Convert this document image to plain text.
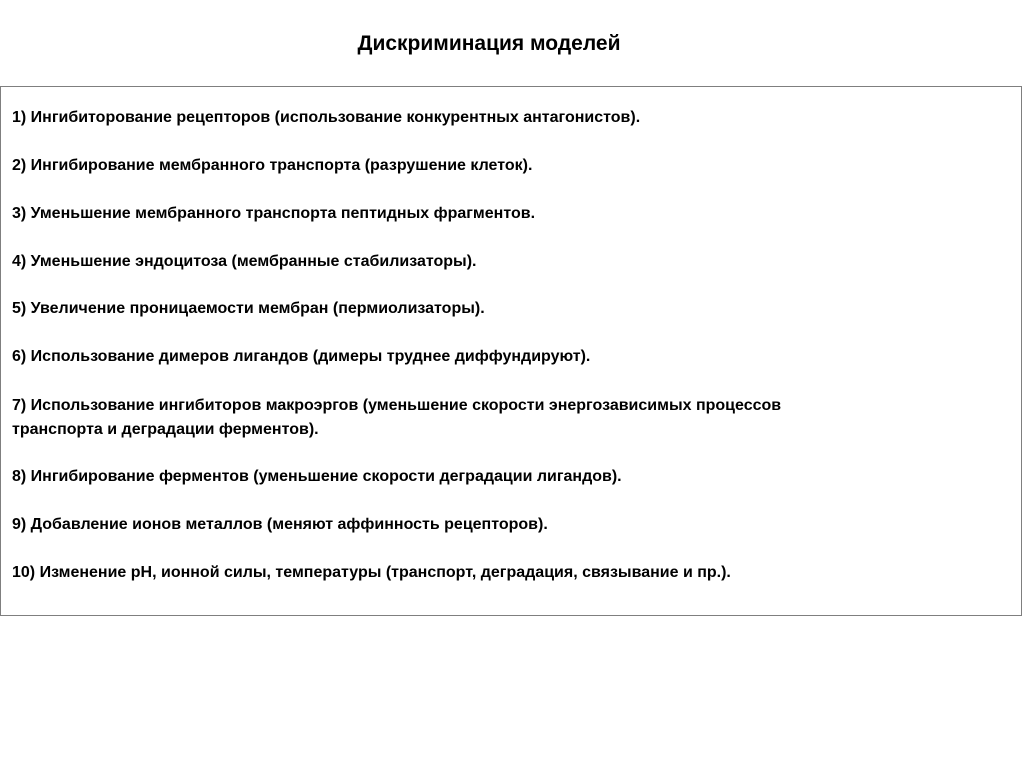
Дискриминация моделей
1) Ингибиторование рецепторов (использование конкурентных антагонистов).
2) Ингибирование мембранного транспорта (разрушение клеток).
3) Уменьшение мембранного транспорта пептидных фрагментов.
4) Уменьшение эндоцитоза (мембранные стабилизаторы).
5) Увеличение проницаемости мембран (пермиолизаторы).
6) Использование димеров лигандов (димеры труднее диффундируют).
7) Использование ингибиторов макроэргов (уменьшение скорости энергозависимых процессов
транспорта и деградации ферментов).
8) Ингибирование ферментов (уменьшение скорости деградации лигандов).
9) Добавление ионов металлов (меняют аффинность рецепторов).
10) Изменение pH, ионной силы, температуры (транспорт, деградация, связывание и пр.).
